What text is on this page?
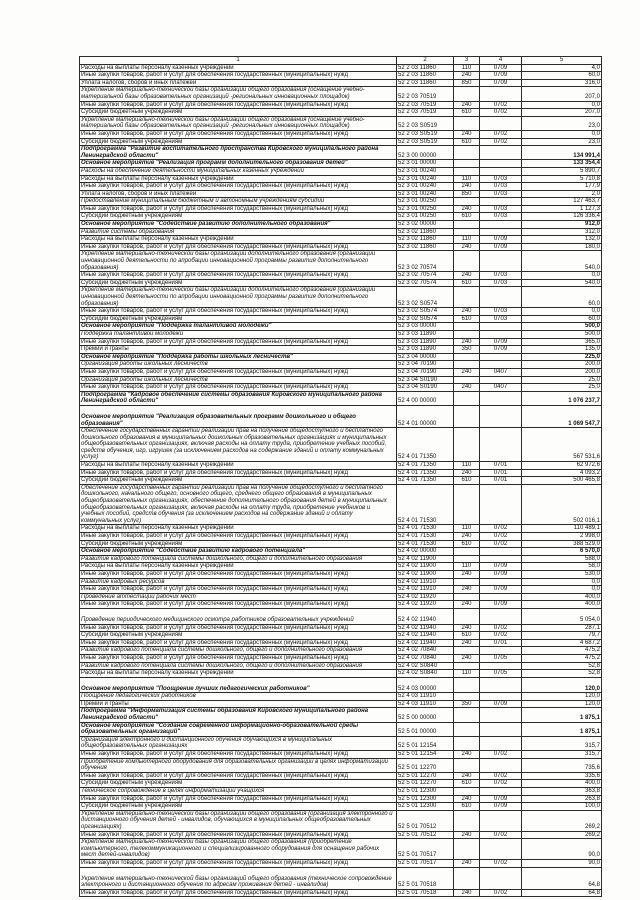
1	2	3	4	5
Расходы на выплаты персоналу казенных учреждений	52 2 03 11860	110	0709	4,0
Иные закупки товаров, работ и услуг для обеспечения государственных (муниципальных) нужд	52 2 03 11860	240	0709	60,0
Уплата налогов, сборов и иных платежей	52 2 03 11860	850	0709	316,0
Укрепление материально-технической базы организаций общего образования (оснащение учебно-материальной базы образовательных организаций -региональных инновационных площадок)	52 2 03 70519			207,0
Иные закупки товаров, работ и услуг для обеспечения государственных (муниципальных) нужд	52 2 03 70519	240	0702	0,0
Субсидии бюджетным учреждениям	52 2 03 70519	610	0702	207,0
Укрепление материально-технической базы организаций общего образования (оснащение учебно-материальной базы образовательных организаций -региональных инновационных площадок)	52 2 03 S0519			23,0
Иные закупки товаров, работ и услуг для обеспечения государственных (муниципальных) нужд	52 2 03 S0519	240	0702	0,0
Субсидии бюджетным учреждениям	52 2 03 S0519	610	0702	23,0
Подпрограмма "Развитие воспитательного пространства Кировского муниципального района Ленинградской области"	52 3 00 00000			134 991,4
Основное мероприятие "Реализация программ дополнительного образования детей"	52 3 01 00000			133 354,4
Расходы на обеспечение деятельности муниципальных казенных учреждений	52 3 01 00240			5 890,7
Расходы на выплаты персоналу казенных учреждений	52 3 01 00240	110	0703	5 710,8
Иные закупки товаров, работ и услуг для обеспечения государственных (муниципальных) нужд	52 3 01 00240	240	0703	177,9
Уплата налогов, сборов и иных платежей	52 3 01 00240	850	0703	2,0
Предоставление муниципальным бюджетным и автономным учреждениям субсидий	52 3 01 00250			127 463,7
Иные закупки товаров, работ и услуг для обеспечения государственных (муниципальных) нужд	52 3 01 00250	240	0703	1 127,3
Субсидии бюджетным учреждениям	52 3 01 00250	610	0703	126 336,4
Основное мероприятие "Содействие развитию дополнительного образования"	52 3 02 00000			912,0
Развитие системы образования	52 3 02 11860			312,0
Расходы на выплаты персоналу казенных учреждений	52 3 02 11860	110	0709	132,0
Иные закупки товаров, работ и услуг для обеспечения государственных (муниципальных) нужд	52 3 02 11860	240	0709	180,0
Укрепление материально-технической базы организаций дополнительного образования (организации инновационной деятельности по апробации инновационной программы развития дополнительного образования)	52 3 02 70574			540,0
Иные закупки товаров, работ и услуг для обеспечения государственных (муниципальных) нужд	52 3 02 70574	240	0703	0,0
Субсидии бюджетным учреждениям	52 3 02 70574	610	0703	540,0
Укрепление материально-технической базы организаций дополнительного образования (организации инновационной деятельности по апробации инновационной программы развития дополнительного образования)	52 3 02 S0574			60,0
Иные закупки товаров, работ и услуг для обеспечения государственных (муниципальных) нужд	52 3 02 S0574	240	0703	0,0
Субсидии бюджетным учреждениям	52 3 02 S0574	610	0703	60,0
Основное мероприятие "Поддержка талантливой молодежи"	52 3 03 00000			500,0
Поддержка талантливой молодежи	52 3 03 11890			500,0
Иные закупки товаров, работ и услуг для обеспечения государственных (муниципальных) нужд	52 3 03 11890	240	0709	365,0
Премии и гранты	52 3 03 11890	350	0709	135,0
Основное мероприятие "Поддержка работы школьных лесничеств"	52 3 04 00000			225,0
Организация работы школьных лесничеств	52 3 04 70190			200,0
Иные закупки товаров, работ и услуг для обеспечения государственных (муниципальных) нужд	52 3 04 70190	240	0407	200,0
Организация работы школьных лесничеств	52 3 04 S0190			25,0
Иные закупки товаров, работ и услуг для обеспечения государственных (муниципальных) нужд	52 3 04 S0190	240	0407	25,0
Подпрограмма "Кадровое обеспечение системы образования Кировского муниципального района Ленинградской области"	52 4 00 00000			1 076 237,7
Основное мероприятие "Реализация образовательных программ дошкольного и общего образования"	52 4 01 00000			1 069 547,7
Обеспечение государственных гарантий реализации прав на получение общедоступного и бесплатного дошкольного образования в муниципальных дошкольных образовательных организациях и муниципальных общеобразовательных организациях, включая расходы на оплату труда, приобретение учебных пособий, средств обучения, игр, игрушек (за исключением расходов на содержание зданий и оплату коммунальных услуг)	52 4 01 71350			567 531,6
Расходы на выплаты персоналу казенных учреждений	52 4 01 71350	110	0701	62 972,6
Иные закупки товаров, работ и услуг для обеспечения государственных (муниципальных) нужд	52 4 01 71350	240	0701	4 093,2
Субсидии бюджетным учреждениям	52 4 01 71350	610	0701	500 465,8
Обеспечение государственных гарантий реализации прав на получение общедоступного и бесплатного дошкольного, начального общего, основного общего, среднего общего образования в муниципальных общеобразовательных организациях, обеспечение дополнительного образования детей в муниципальных общеобразовательных организациях, включая расходы на оплату труда, приобретение учебников и учебных пособий, средств обучения (за исключением расходов на содержание зданий и оплату коммунальных услуг)	52 4 01 71530			502 016,1
Расходы на выплаты персоналу казенных учреждений	52 4 01 71530	110	0702	110 489,1
Иные закупки товаров, работ и услуг для обеспечения государственных (муниципальных) нужд	52 4 01 71530	240	0702	2 998,0
Субсидии бюджетным учреждениям	52 4 01 71530	610	0702	388 529,0
Основное мероприятие "Содействие развитию кадрового потенциала"	52 4 02 00000			6 570,0
Развитие кадрового потенциала системы дошкольного, общего и дополнительного образования	52 4 02 11900			588,0
Расходы на выплаты персоналу казенных учреждений	52 4 02 11900	110	0709	58,0
Иные закупки товаров, работ и услуг для обеспечения государственных (муниципальных) нужд	52 4 02 11900	240	0709	530,0
Развитие кадровых ресурсов	52 4 02 11910			0,0
Иные закупки товаров, работ и услуг для обеспечения государственных (муниципальных) нужд	52 4 02 11910	240	0709	0,0
Проведение аттестации рабочих мест	52 4 02 11920			400,0
Иные закупки товаров, работ и услуг для обеспечения государственных (муниципальных) нужд	52 4 02 11920	240	0709	400,0
Проведение периодического медицинского осмотра работников образовательных учреждений	52 4 02 11940			5 054,0
Иные закупки товаров, работ и услуг для обеспечения государственных (муниципальных) нужд	52 4 02 11940	240	0702	287,1
Субсидии бюджетным учреждениям	52 4 02 11940	610	0702	79,7
Иные закупки товаров, работ и услуг для обеспечения государственных (муниципальных) нужд	52 4 02 11940	240	0701	4 687,2
Развитие кадрового потенциала системы дошкольного, общего и дополнительного образования	52 4 02 70840			475,2
Иные закупки товаров, работ и услуг для обеспечения государственных (муниципальных) нужд	52 4 02 70840	240	0705	475,2
Развитие кадрового потенциала системы дошкольного, общего и дополнительного образования	52 4 02 S0840			52,8
Расходы на выплаты персоналу казенных учреждений	52 4 02 S0840	110	0705	52,8
Основное мероприятие "Поощрение лучших педагогических работников"	52 4 03 00000			120,0
Поощрение педагогических работников	52 4 03 11910			120,0
Премии и гранты	52 4 03 11910	350	0709	120,0
Подпрограмма "Информатизация системы образования Кировского муниципального района Ленинградской области"	52 5 00 00000			1 875,1
Основное мероприятие "Создание современной информационно-образовательной среды образовательных организаций"	52 5 01 00000			1 875,1
Организация электронного и дистанционного обучения обучающихся в муниципальных общеобразовательных организациях	52 5 01 12154			315,7
Иные закупки товаров, работ и услуг для обеспечения государственных (муниципальных) нужд	52 5 01 12154	240	0702	315,7
Приобретение компьютерного оборудования для образовательных организаций в целях информатизации обучения	52 5 01 12270			735,6
Иные закупки товаров, работ и услуг для обеспечения государственных (муниципальных) нужд	52 5 01 12270	240	0702	335,6
Субсидии бюджетным учреждениям	52 5 01 12270	610	0702	400,0
Техническое сопровождение в целях информатизации учащихся	52 5 01 12300			363,8
Иные закупки товаров, работ и услуг для обеспечения государственных (муниципальных) нужд	52 5 01 12300	240	0709	263,8
Субсидии бюджетным учреждениям	52 5 01 12300	610	0709	100,0
Укрепление материально-технической базы организаций общего образования (организация электронного и дистанционного обучения детей - инвалидов, обучающихся в муниципальных общеобразовательных организациях)	52 5 01 70512			269,2
Иные закупки товаров, работ и услуг для обеспечения государственных (муниципальных) нужд	52 5 01 70512	240	0702	269,2
Укрепление материально-технической базы организаций общего образования (приобретение компьютерного, телекоммуникационного и специализированного оборудования для оснащения рабочих мест детей-инвалидов)	52 5 01 70517			90,0
Иные закупки товаров, работ и услуг для обеспечения государственных (муниципальных) нужд	52 5 01 70517	240	0702	90,0
Укрепление материально-технической базы организаций общего образования (техническое сопровождение электронного и дистанционного обучения по адресам проживания детей - инвалидов)	52 5 01 70518			64,8
Иные закупки товаров, работ и услуг для обеспечения государственных (муниципальных) нужд	52 5 01 70518	240	0702	64,8
